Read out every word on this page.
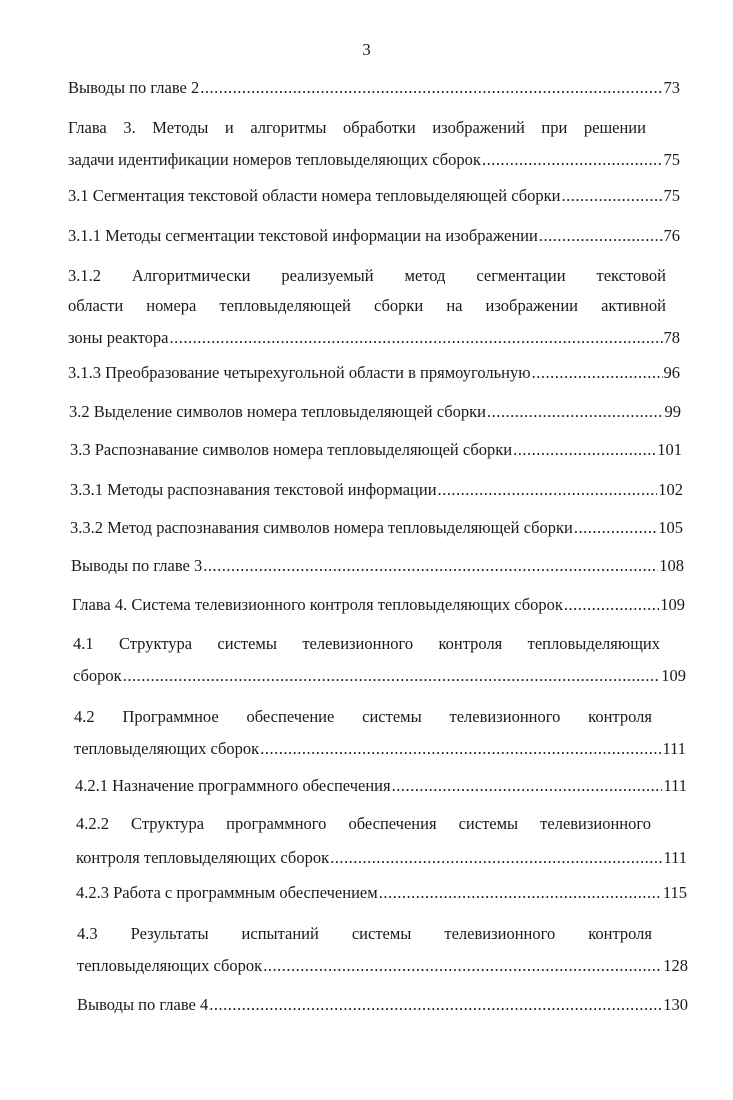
3
Выводы по главе 2 .....	73
Глава 3. Методы и алгоритмы обработки изображений при решении
задачи идентификации номеров тепловыделяющих сборок .....	75
3.1 Сегментация текстовой области номера тепловыделяющей сборки .....	75
3.1.1 Методы сегментации текстовой информации на изображении .....	76
3.1.2 Алгоритмически реализуемый метод сегментации текстовой
области номера тепловыделяющей сборки на изображении активной
зоны реактора .....	78
3.1.3 Преобразование четырехугольной области в прямоугольную .....	96
3.2 Выделение символов номера тепловыделяющей сборки .....	99
3.3 Распознавание символов номера тепловыделяющей сборки .....	101
3.3.1 Методы распознавания текстовой информации .....	102
3.3.2 Метод распознавания символов номера тепловыделяющей сборки .....	105
Выводы по главе 3 .....	108
Глава 4. Система телевизионного контроля тепловыделяющих сборок .....	109
4.1 Структура системы телевизионного контроля тепловыделяющих
сборок .....	109
4.2 Программное обеспечение системы телевизионного контроля
тепловыделяющих сборок .....	111
4.2.1 Назначение программного обеспечения .....	111
4.2.2 Структура программного обеспечения системы телевизионного
контроля тепловыделяющих сборок .....	111
4.2.3 Работа с программным обеспечением .....	115
4.3 Результаты испытаний системы телевизионного контроля
тепловыделяющих сборок .....	128
Выводы по главе 4 .....	130
